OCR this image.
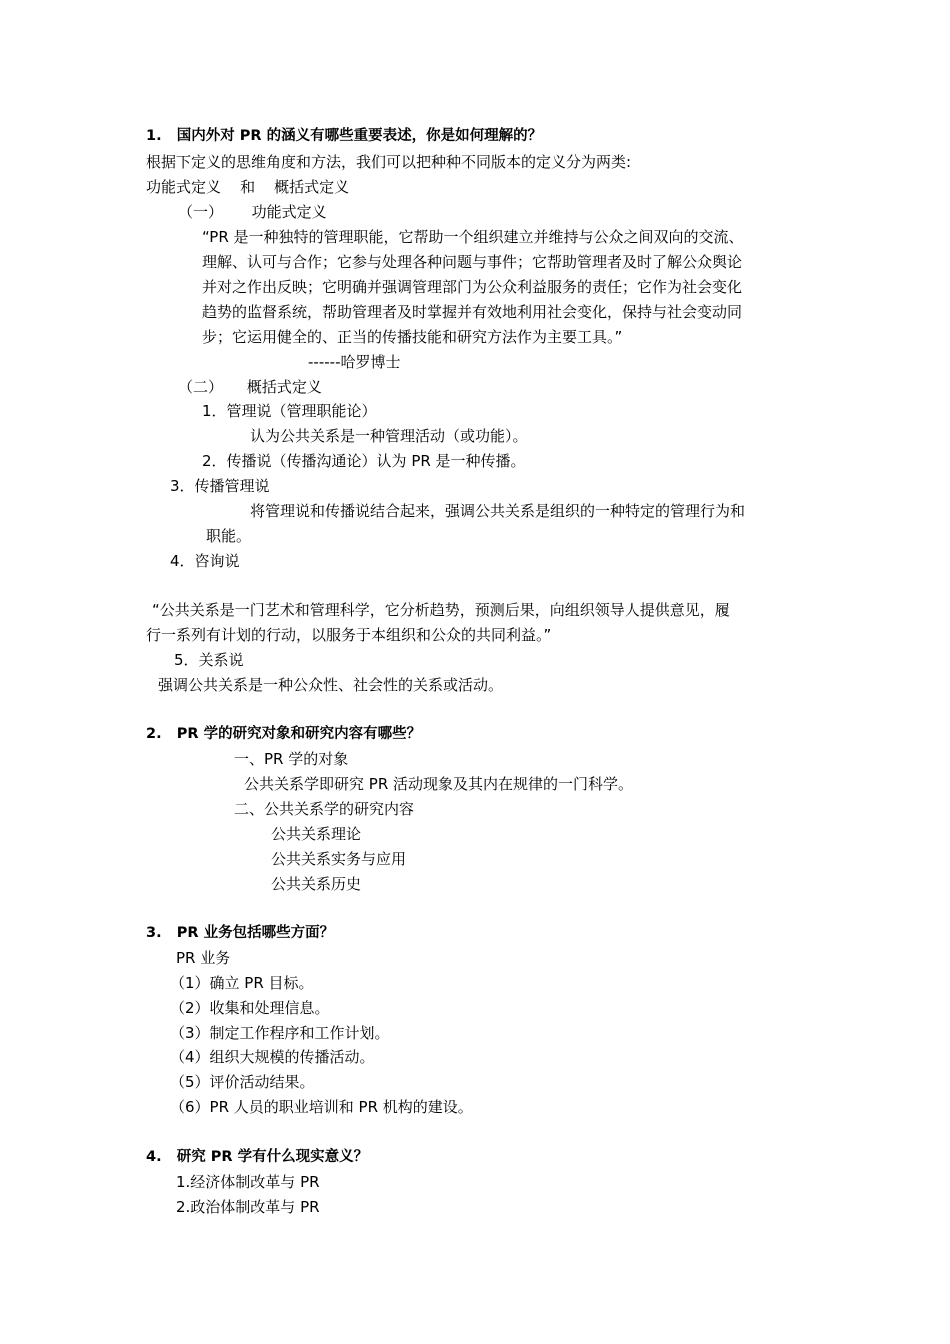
1.   国内外对 PR 的涵义有哪些重要表述，你是如何理解的？
根据下定义的思维角度和方法，我们可以把种种不同版本的定义分为两类:
功能式定义    和    概括式定义
（一）      功能式定义
“PR 是一种独特的管理职能，它帮助一个组织建立并维持与公众之间双向的交流、
理解、认可与合作；它参与处理各种问题与事件；它帮助管理者及时了解公众舆论
并对之作出反映；它明确并强调管理部门为公众利益服务的责任；它作为社会变化
趋势的监督系统，帮助管理者及时掌握并有效地利用社会变化，保持与社会变动同
步；它运用健全的、正当的传播技能和研究方法作为主要工具。”
------哈罗博士
（二）     概括式定义
1．管理说（管理职能论）
认为公共关系是一种管理活动（或功能）。
2．传播说（传播沟通论）认为 PR 是一种传播。
3．传播管理说
将管理说和传播说结合起来，强调公共关系是组织的一种特定的管理行为和
职能。
4．咨询说
“公共关系是一门艺术和管理科学，它分析趋势，预测后果，向组织领导人提供意见，履
行一系列有计划的行动，以服务于本组织和公众的共同利益。”
5．关系说
强调公共关系是一种公众性、社会性的关系或活动。
2.   PR 学的研究对象和研究内容有哪些？
一、PR 学的对象
公共关系学即研究 PR 活动现象及其内在规律的一门科学。
二、公共关系学的研究内容
公共关系理论
公共关系实务与应用
公共关系历史
3.   PR 业务包括哪些方面？
PR 业务
（1）确立 PR 目标。
（2）收集和处理信息。
（3）制定工作程序和工作计划。
（4）组织大规模的传播活动。
（5）评价活动结果。
（6）PR 人员的职业培训和 PR 机构的建设。
4.   研究 PR 学有什么现实意义？
1.经济体制改革与 PR
2.政治体制改革与 PR
